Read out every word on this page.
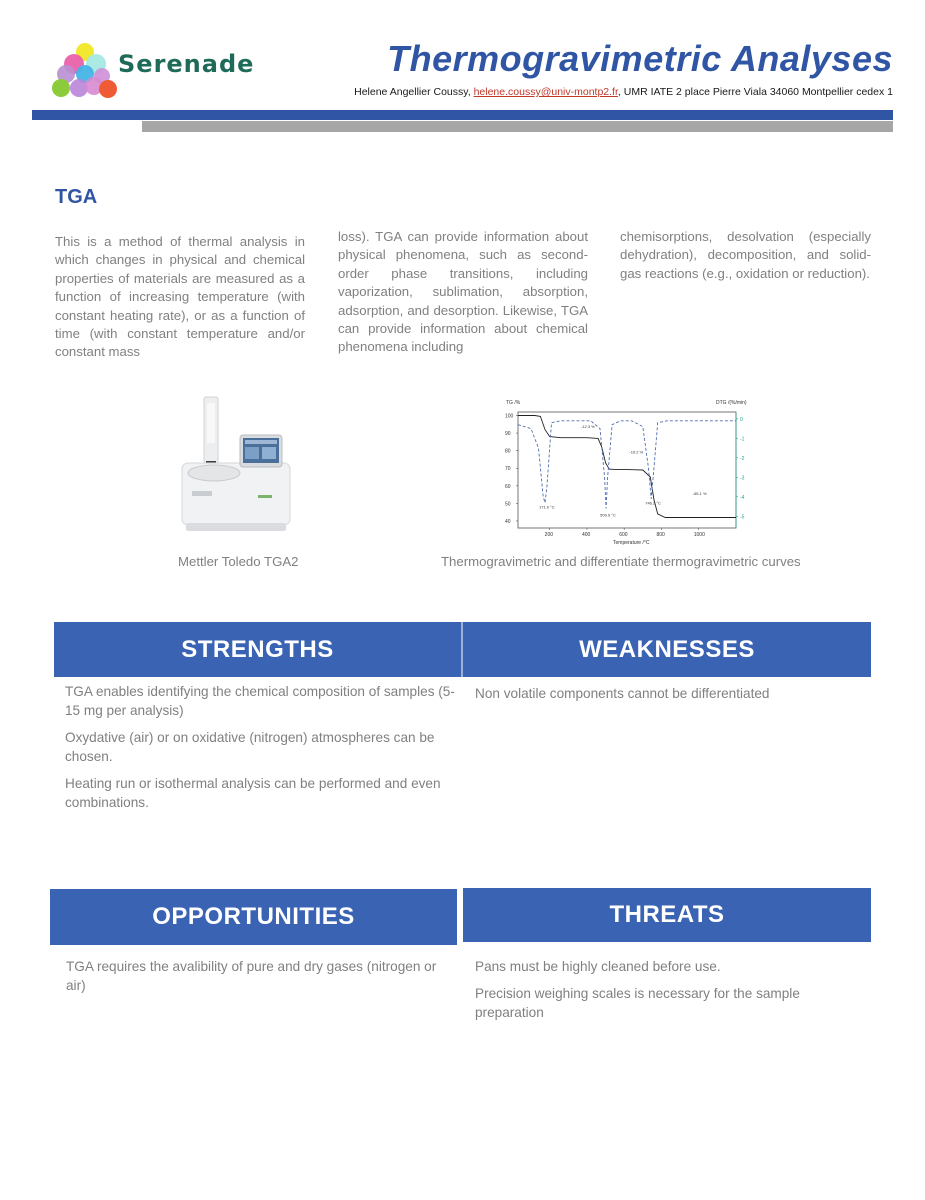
Serenade	Thermogravimetric Analyses
Helene Angellier Coussy, helene.coussy@univ-montp2.fr, UMR IATE 2 place Pierre Viala 34060 Montpellier cedex 1
TGA
This is a method of thermal analysis in which changes in physical and chemical properties of materials are measured as a function of increasing temperature (with constant heating rate), or as a function of time (with constant temperature and/or constant mass
loss). TGA can provide information about physical phenomena, such as second-order phase transitions, including vaporization, sublimation, absorption, adsorption, and desorption. Likewise, TGA can provide information about chemical phenomena including
chemisorptions, desolvation (especially dehydration), decomposition, and solid-gas reactions (e.g., oxidation or reduction).
Mettler Toledo TGA2
TG /%	DTG /(%/min)
Temperature /°C
200	400	600	800	1000
100
90
80
70
60
50
40
0
-1
-2
-3
-4
-5
-12.3 %
-19.2 %
-65.1 %
171.0 °C
500.9 °C
746.2 °C
Thermogravimetric and differentiate thermogravimetric curves
STRENGTHS	WEAKNESSES

TGA enables identifying the chemical composition of samples (5-15 mg per analysis)

Oxydative (air) or on oxidative (nitrogen) atmospheres can be chosen.

Heating run or isothermal analysis can be performed and even combinations.

Non volatile components cannot be differentiated

OPPORTUNITIES	THREATS

TGA requires the avalibility of pure and dry gases (nitrogen or air)

Pans must be highly cleaned before use.

Precision weighing scales is necessary for the sample preparation
